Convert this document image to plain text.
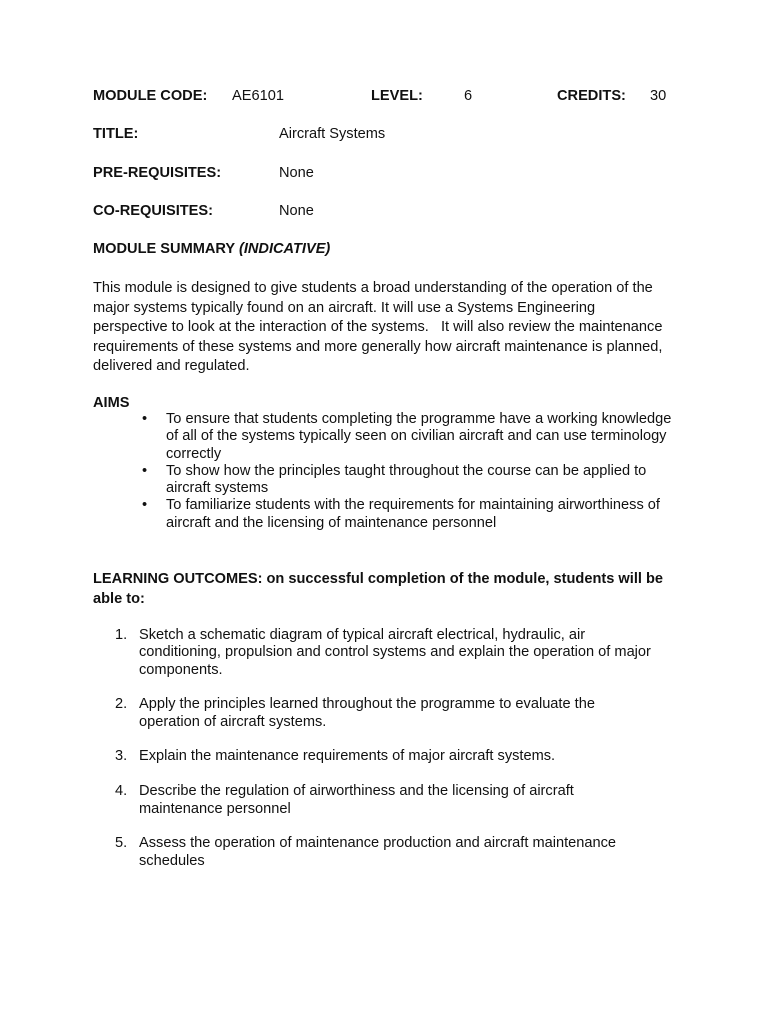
MODULE CODE: AE6101	LEVEL:	6	CREDITS: 30
TITLE:	Aircraft Systems
PRE-REQUISITES:	None
CO-REQUISITES:	None
MODULE SUMMARY (INDICATIVE)
This module is designed to give students a broad understanding of the operation of the major systems typically found on an aircraft. It will use a Systems Engineering perspective to look at the interaction of the systems.   It will also review the maintenance requirements of these systems and more generally how aircraft maintenance is planned, delivered and regulated.
AIMS
• To ensure that students completing the programme have a working knowledge of all of the systems typically seen on civilian aircraft and can use terminology correctly
• To show how the principles taught throughout the course can be applied to aircraft systems
• To familiarize students with the requirements for maintaining airworthiness of aircraft and the licensing of maintenance personnel
LEARNING OUTCOMES: on successful completion of the module, students will be able to:
1. Sketch a schematic diagram of typical aircraft electrical, hydraulic, air conditioning, propulsion and control systems and explain the operation of major components.
2. Apply the principles learned throughout the programme to evaluate the operation of aircraft systems.
3. Explain the maintenance requirements of major aircraft systems.
4. Describe the regulation of airworthiness and the licensing of aircraft maintenance personnel
5. Assess the operation of maintenance production and aircraft maintenance schedules
